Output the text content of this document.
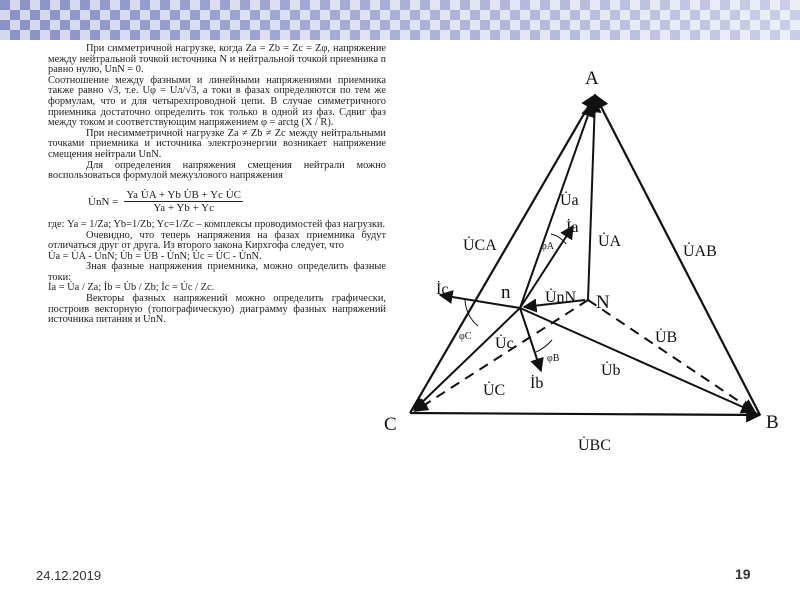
При симметричной нагрузке, когда Za = Zb = Zc = Zφ, напряжение между нейтральной точкой источника N и нейтральной точкой приемника n равно нулю, UnN = 0.

Соотношение между фазными и линейными напряжениями приемника также равно √3, т.е. Uφ = Uл/√3, а токи в фазах определяются по тем же формулам, что и для четырехпроводной цепи. В случае симметричного приемника достаточно определить ток только в одной из фаз. Сдвиг фаз между током и соответствующим напряжением φ = arctg (X / R).

При несимметричной нагрузке Za ≠ Zb ≠ Zc между нейтральными точками приемника и источника электроэнергии возникает напряжение смещения нейтрали UnN.

Для определения напряжения смещения нейтрали можно воспользоваться формулой межузлового напряжения

U̇nN = $\frac{\text{Ya U̇A + Yb U̇B + Yc U̇C}}{Ya + Yb + Yc}$

где: Ya = 1/Za; Yb=1/Zb; Yc=1/Zc – комплексы проводимостей фаз нагрузки.

Очевидно, что теперь напряжения на фазах приемника будут отличаться друг от друга. Из второго закона Кирхгофа следует, что

U̇a = U̇A - U̇nN; U̇b = U̇B - U̇nN; U̇c = U̇C - U̇nN.

Зная фазные напряжения приемника, можно определить фазные токи:

İa = U̇a / Za; İb = U̇b / Zb; İc = U̇c / Zc.

Векторы фазных напряжений можно определить графически, построив векторную (топографическую) диаграмму фазных напряжений источника питания и UnN.

A
B
C
N
n
U̇a
U̇b
U̇c
U̇A
U̇B
U̇C
U̇AB
U̇BC
U̇CA
İa
İb
İc	U̇nN
φA
φB
φC
24.12.2019	19
